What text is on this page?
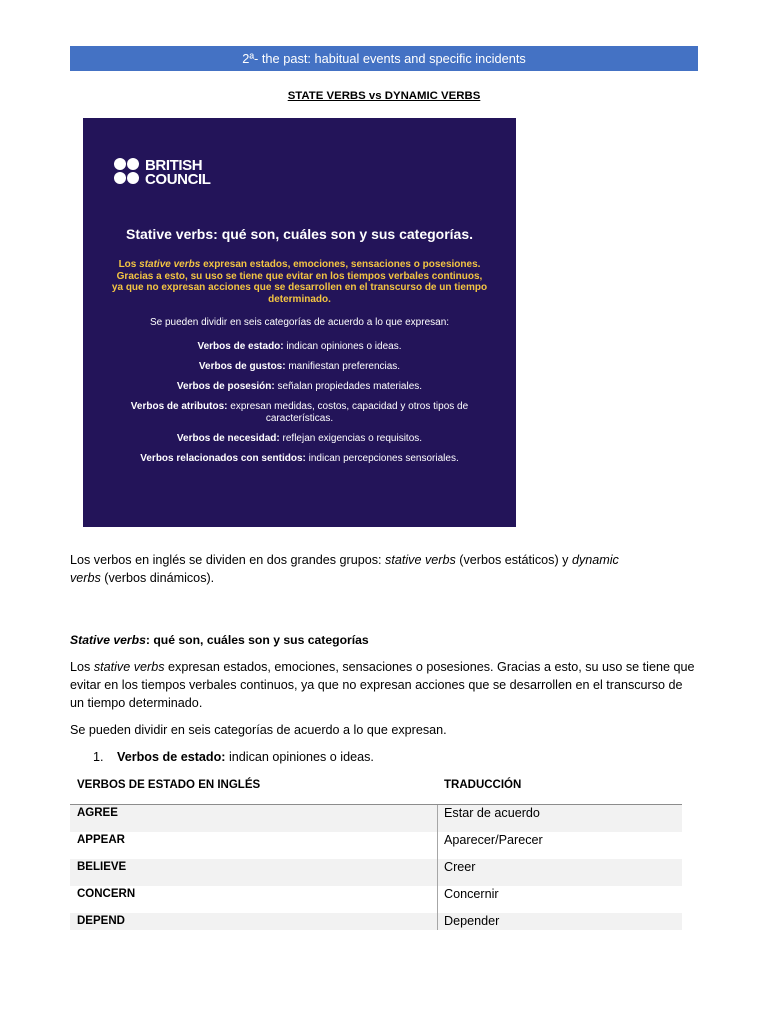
2ª- the past: habitual events and specific incidents
STATE VERBS vs DYNAMIC VERBS
BRITISH
COUNCIL
Stative verbs: qué son, cuáles son y sus categorías.
Los stative verbs expresan estados, emociones, sensaciones o posesiones.
Gracias a esto, su uso se tiene que evitar en los tiempos verbales continuos,
ya que no expresan acciones que se desarrollen en el transcurso de un tiempo
determinado.
Se pueden dividir en seis categorías de acuerdo a lo que expresan:
Verbos de estado: indican opiniones o ideas.
Verbos de gustos: manifiestan preferencias.
Verbos de posesión: señalan propiedades materiales.
Verbos de atributos: expresan medidas, costos, capacidad y otros tipos de características.
Verbos de necesidad: reflejan exigencias o requisitos.
Verbos relacionados con sentidos: indican percepciones sensoriales.
Los verbos en inglés se dividen en dos grandes grupos: stative verbs (verbos estáticos) y dynamic verbs (verbos dinámicos).
Stative verbs: qué son, cuáles son y sus categorías
Los stative verbs expresan estados, emociones, sensaciones o posesiones. Gracias a esto, su uso se tiene que evitar en los tiempos verbales continuos, ya que no expresan acciones que se desarrollen en el transcurso de un tiempo determinado.
Se pueden dividir en seis categorías de acuerdo a lo que expresan.
1. Verbos de estado: indican opiniones o ideas.
VERBOS DE ESTADO EN INGLÉS	TRADUCCIÓN
AGREE	Estar de acuerdo
APPEAR	Aparecer/Parecer
BELIEVE	Creer
CONCERN	Concernir
DEPEND	Depender
